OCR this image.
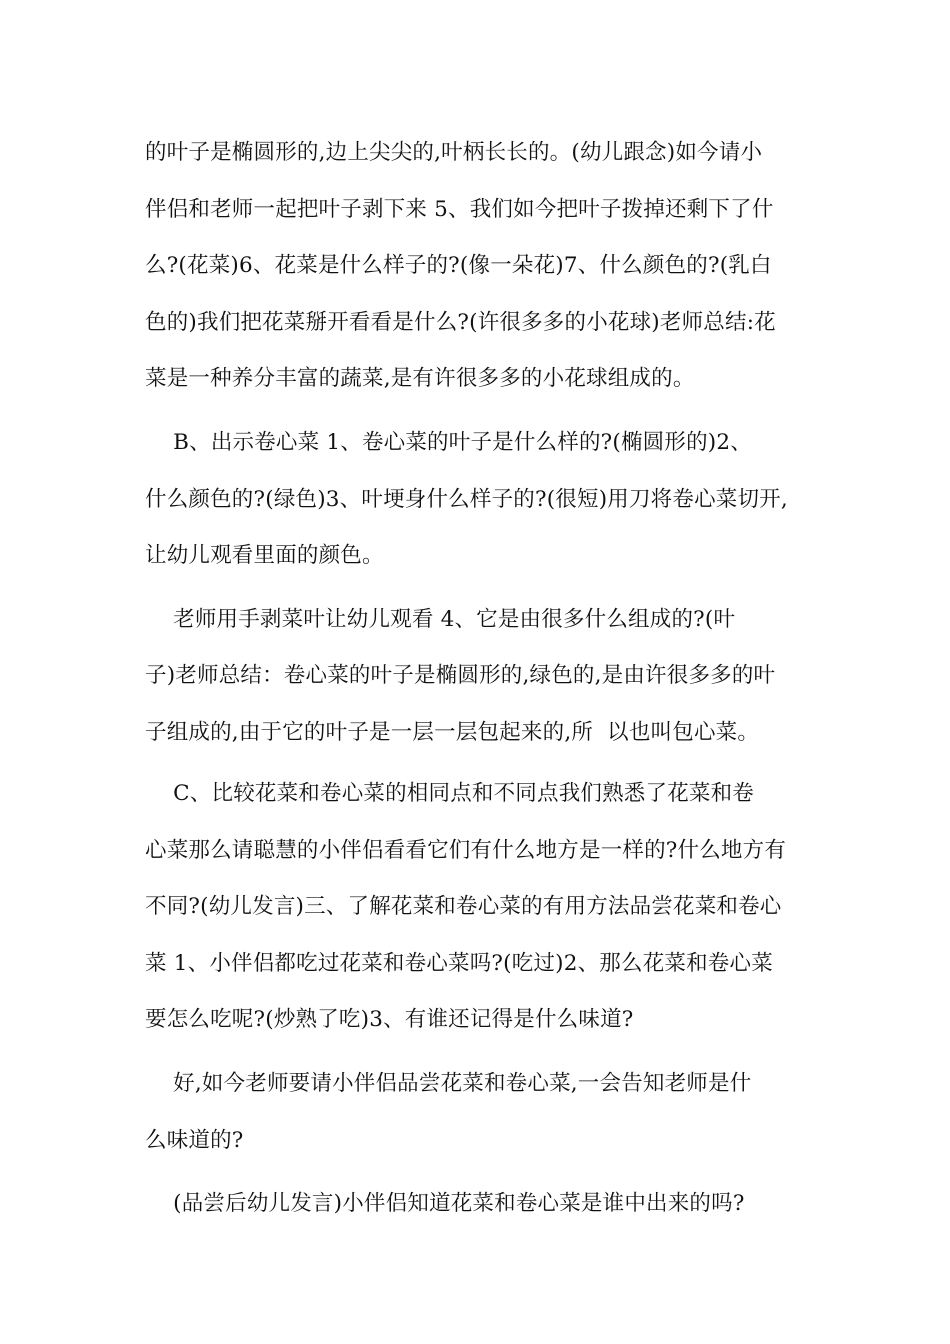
的叶子是椭圆形的,边上尖尖的,叶柄长长的。(幼儿跟念)如今请小
伴侣和老师一起把叶子剥下来 5、我们如今把叶子拨掉还剩下了什
么?(花菜)6、花菜是什么样子的?(像一朵花)7、什么颜色的?(乳白
色的)我们把花菜掰开看看是什么?(许很多多的小花球)老师总结:花
菜是一种养分丰富的蔬菜,是有许很多多的小花球组成的。
B、出示卷心菜 1、卷心菜的叶子是什么样的?(椭圆形的)2、
什么颜色的?(绿色)3、叶埂身什么样子的?(很短)用刀将卷心菜切开,
让幼儿观看里面的颜色。
老师用手剥菜叶让幼儿观看 4、它是由很多什么组成的?(叶
子)老师总结：卷心菜的叶子是椭圆形的,绿色的,是由许很多多的叶
子组成的,由于它的叶子是一层一层包起来的,所  以也叫包心菜。
C、比较花菜和卷心菜的相同点和不同点我们熟悉了花菜和卷
心菜那么请聪慧的小伴侣看看它们有什么地方是一样的?什么地方有
不同?(幼儿发言)三、了解花菜和卷心菜的有用方法品尝花菜和卷心
菜 1、小伴侣都吃过花菜和卷心菜吗?(吃过)2、那么花菜和卷心菜
要怎么吃呢?(炒熟了吃)3、有谁还记得是什么味道?
好,如今老师要请小伴侣品尝花菜和卷心菜,一会告知老师是什
么味道的?
(品尝后幼儿发言)小伴侣知道花菜和卷心菜是谁中出来的吗?
